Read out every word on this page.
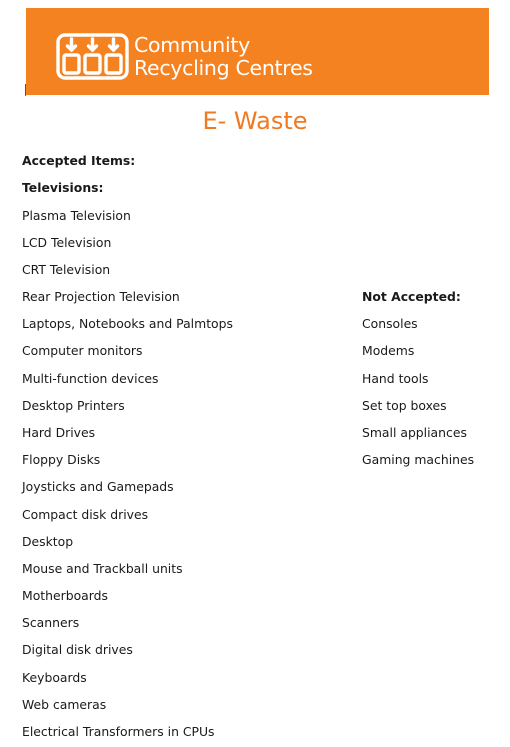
Community
Recycling Centres
E- Waste
Accepted Items:
Televisions:
Plasma Television
LCD Television
CRT Television
Rear Projection Television
Laptops, Notebooks and Palmtops
Computer monitors
Multi-function devices
Desktop Printers
Hard Drives
Floppy Disks
Joysticks and Gamepads
Compact disk drives
Desktop
Mouse and Trackball units
Motherboards
Scanners
Digital disk drives
Keyboards
Web cameras
Electrical Transformers in CPUs
Not Accepted:
Consoles
Modems
Hand tools
Set top boxes
Small appliances
Gaming machines
